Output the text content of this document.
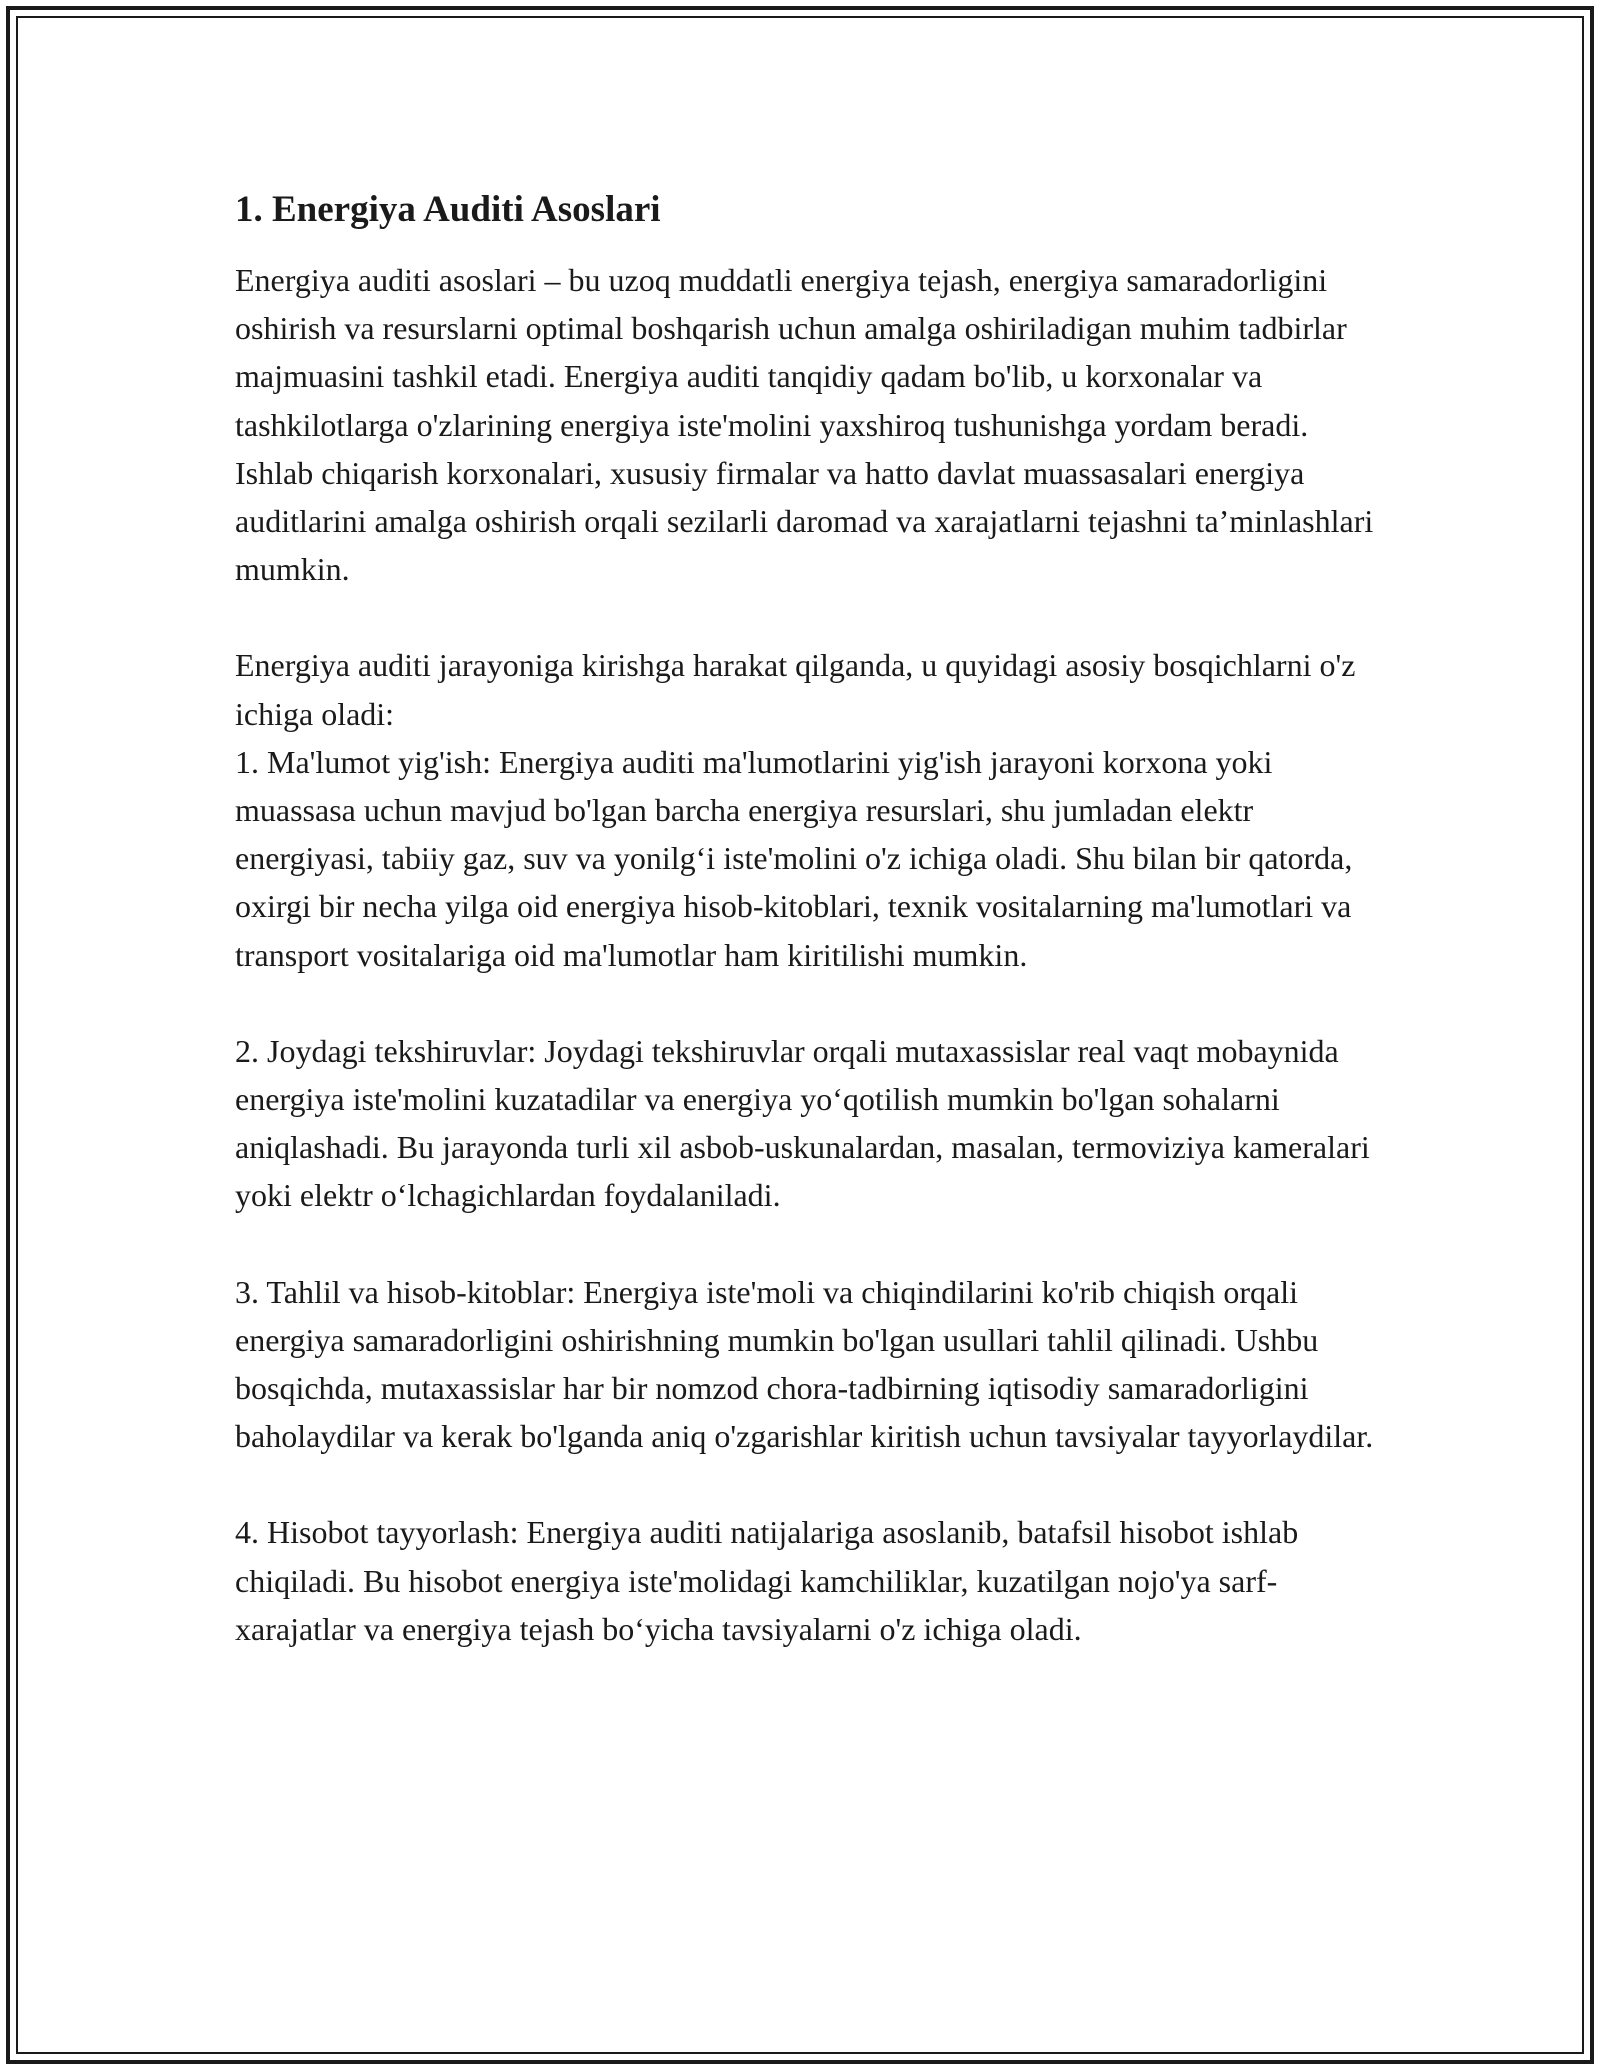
1. Energiya Auditi Asoslari

Energiya auditi asoslari – bu uzoq muddatli energiya tejash, energiya samaradorligini oshirish va resurslarni optimal boshqarish uchun amalga oshiriladigan muhim tadbirlar majmuasini tashkil etadi. Energiya auditi tanqidiy qadam bo'lib, u korxonalar va tashkilotlarga o'zlarining energiya iste'molini yaxshiroq tushunishga yordam beradi. Ishlab chiqarish korxonalari, xususiy firmalar va hatto davlat muassasalari energiya auditlarini amalga oshirish orqali sezilarli daromad va xarajatlarni tejashni ta’minlashlari mumkin.

Energiya auditi jarayoniga kirishga harakat qilganda, u quyidagi asosiy bosqichlarni o'z ichiga oladi:

1. Ma'lumot yig'ish: Energiya auditi ma'lumotlarini yig'ish jarayoni korxona yoki muassasa uchun mavjud bo'lgan barcha energiya resurslari, shu jumladan elektr energiyasi, tabiiy gaz, suv va yonilg‘i iste'molini o'z ichiga oladi. Shu bilan bir qatorda, oxirgi bir necha yilga oid energiya hisob-kitoblari, texnik vositalarning ma'lumotlari va transport vositalariga oid ma'lumotlar ham kiritilishi mumkin.

2. Joydagi tekshiruvlar: Joydagi tekshiruvlar orqali mutaxassislar real vaqt mobaynida energiya iste'molini kuzatadilar va energiya yo‘qotilish mumkin bo'lgan sohalarni aniqlashadi. Bu jarayonda turli xil asbob-uskunalardan, masalan, termoviziya kameralari yoki elektr o‘lchagichlardan foydalaniladi.

3. Tahlil va hisob-kitoblar: Energiya iste'moli va chiqindilarini ko'rib chiqish orqali energiya samaradorligini oshirishning mumkin bo'lgan usullari tahlil qilinadi. Ushbu bosqichda, mutaxassislar har bir nomzod chora-tadbirning iqtisodiy samaradorligini baholaydilar va kerak bo'lganda aniq o'zgarishlar kiritish uchun tavsiyalar tayyorlaydilar.

4. Hisobot tayyorlash: Energiya auditi natijalariga asoslanib, batafsil hisobot ishlab chiqiladi. Bu hisobot energiya iste'molidagi kamchiliklar, kuzatilgan nojo'ya sarf-xarajatlar va energiya tejash bo‘yicha tavsiyalarni o'z ichiga oladi.
